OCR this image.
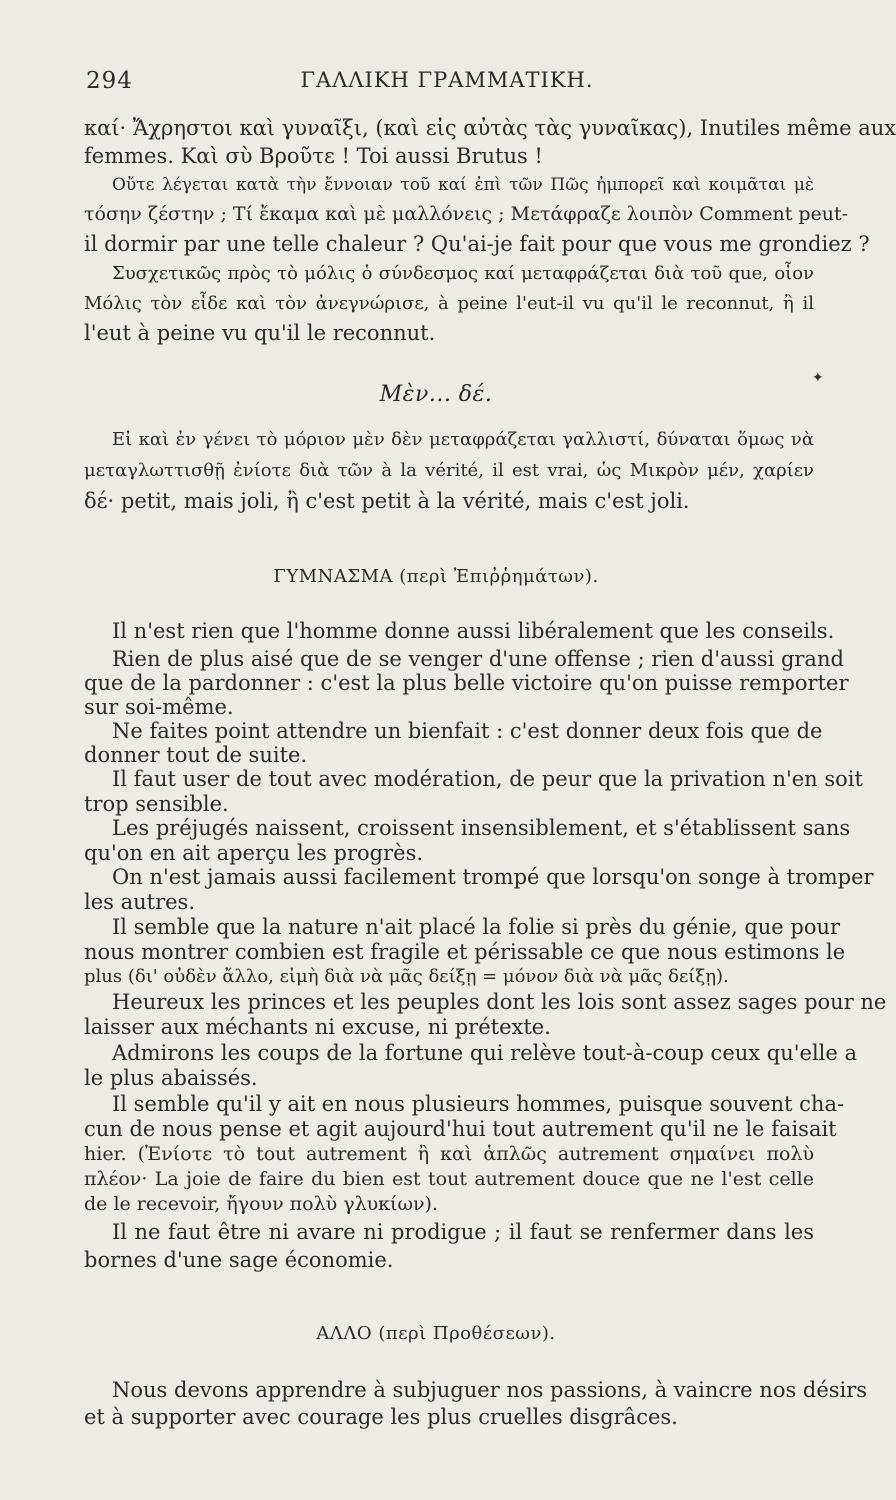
294	ΓΑΛΛΙΚΗ ΓΡΑΜΜΑΤΙΚΗ.
καί· Ἄχρηστοι καὶ γυναῖξι, (καὶ εἰς αὐτὰς τὰς γυναῖκας), Inutiles même aux
femmes. Καὶ σὺ Βροῦτε ! Toi aussi Brutus !
Οὔτε λέγεται κατὰ τὴν ἔννοιαν τοῦ καί ἐπὶ τῶν Πῶς ἠμπορεῖ καὶ κοιμᾶται μὲ
τόσην ζέστην ; Τί ἔκαμα καὶ μὲ μαλλόνεις ; Μετάφραζε λοιπὸν Comment peut-
il dormir par une telle chaleur ? Qu'ai-je fait pour que vous me grondiez ?
Συσχετικῶς πρὸς τὸ μόλις ὁ σύνδεσμος καί μεταφράζεται διὰ τοῦ que, οἷον
Μόλις τὸν εἶδε καὶ τὸν ἀνεγνώρισε, à peine l'eut-il vu qu'il le reconnut, ἢ il
l'eut à peine vu qu'il le reconnut.
✦
Μὲν... δέ.
Εἰ καὶ ἐν γένει τὸ μόριον μὲν δὲν μεταφράζεται γαλλιστί, δύναται ὅμως νὰ
μεταγλωττισθῇ ἐνίοτε διὰ τῶν à la vérité, il est vrai, ὡς Μικρὸν μέν, χαρίεν
δέ· petit, mais joli, ἢ c'est petit à la vérité, mais c'est joli.
ΓΥΜΝΑΣΜΑ (περὶ Ἐπιῤῥημάτων).
Il n'est rien que l'homme donne aussi libéralement que les conseils.
Rien de plus aisé que de se venger d'une offense ; rien d'aussi grand
que de la pardonner : c'est la plus belle victoire qu'on puisse remporter
sur soi-même.
Ne faites point attendre un bienfait : c'est donner deux fois que de
donner tout de suite.
Il faut user de tout avec modération, de peur que la privation n'en soit
trop sensible.
Les préjugés naissent, croissent insensiblement, et s'établissent sans
qu'on en ait aperçu les progrès.
On n'est jamais aussi facilement trompé que lorsqu'on songe à tromper
les autres.
Il semble que la nature n'ait placé la folie si près du génie, que pour
nous montrer combien est fragile et périssable ce que nous estimons le
plus (δι' οὐδὲν ἄλλο, εἰμὴ διὰ νὰ μᾶς δείξῃ = μόνον διὰ νὰ μᾶς δείξῃ).
Heureux les princes et les peuples dont les lois sont assez sages pour ne
laisser aux méchants ni excuse, ni prétexte.
Admirons les coups de la fortune qui relève tout-à-coup ceux qu'elle a
le plus abaissés.
Il semble qu'il y ait en nous plusieurs hommes, puisque souvent cha-
cun de nous pense et agit aujourd'hui tout autrement qu'il ne le faisait
hier. (Ἐνίοτε τὸ tout autrement ἢ καὶ ἁπλῶς autrement σημαίνει πολὺ
πλέον· La joie de faire du bien est tout autrement douce que ne l'est celle
de le recevoir, ἤγουν πολὺ γλυκίων).
Il ne faut être ni avare ni prodigue ; il faut se renfermer dans les
bornes d'une sage économie.
ΑΛΛΟ (περὶ Προθέσεων).
Nous devons apprendre à subjuguer nos passions, à vaincre nos désirs
et à supporter avec courage les plus cruelles disgrâces.
